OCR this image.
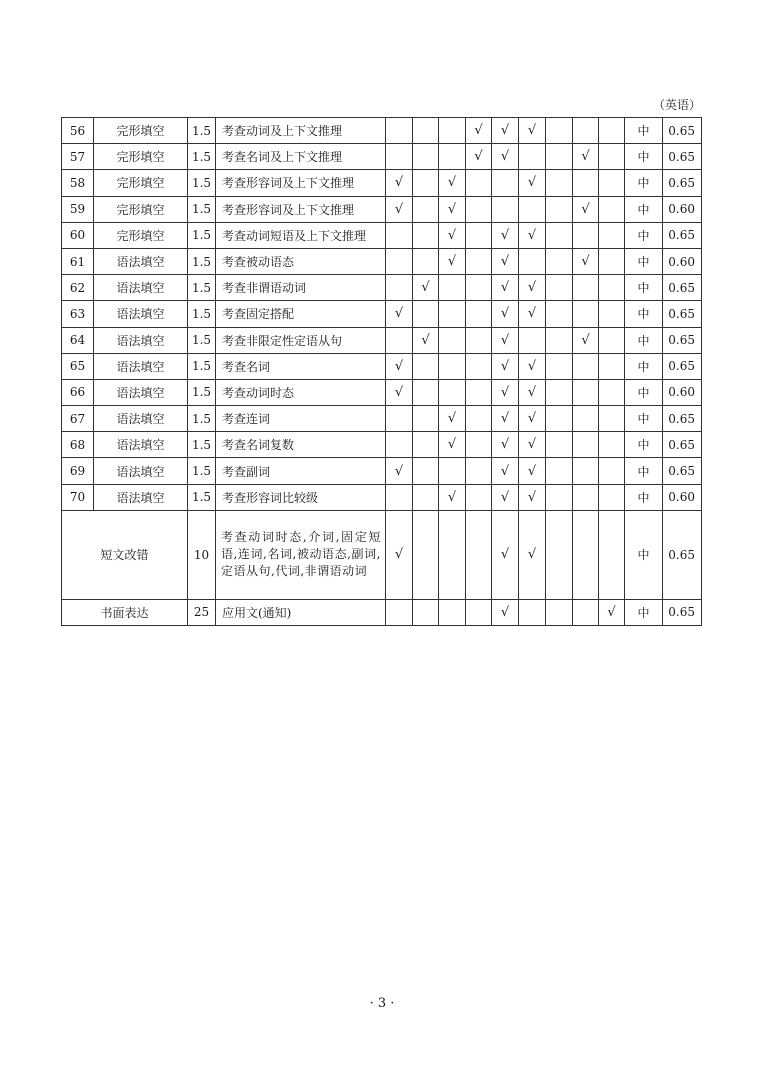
（英语）
56	完形填空	1.5	考查动词及上下文推理				√	√	√				中	0.65
57	完形填空	1.5	考查名词及上下文推理				√	√			√		中	0.65
58	完形填空	1.5	考查形容词及上下文推理	√		√			√				中	0.65
59	完形填空	1.5	考查形容词及上下文推理	√		√					√		中	0.60
60	完形填空	1.5	考查动词短语及上下文推理			√		√	√				中	0.65
61	语法填空	1.5	考查被动语态			√		√			√		中	0.60
62	语法填空	1.5	考查非谓语动词		√			√	√				中	0.65
63	语法填空	1.5	考查固定搭配	√				√	√				中	0.65
64	语法填空	1.5	考查非限定性定语从句		√			√			√		中	0.65
65	语法填空	1.5	考查名词	√				√	√				中	0.65
66	语法填空	1.5	考查动词时态	√				√	√				中	0.60
67	语法填空	1.5	考查连词			√		√	√				中	0.65
68	语法填空	1.5	考查名词复数			√		√	√				中	0.65
69	语法填空	1.5	考查副词	√				√	√				中	0.65
70	语法填空	1.5	考查形容词比较级			√		√	√				中	0.60
短文改错		10	考查动词时态,介词,固定短语,连词,名词,被动语态,副词,定语从句,代词,非谓语动词	√				√	√				中	0.65
书面表达		25	应用文(通知)					√				√	中	0.65
· 3 ·
